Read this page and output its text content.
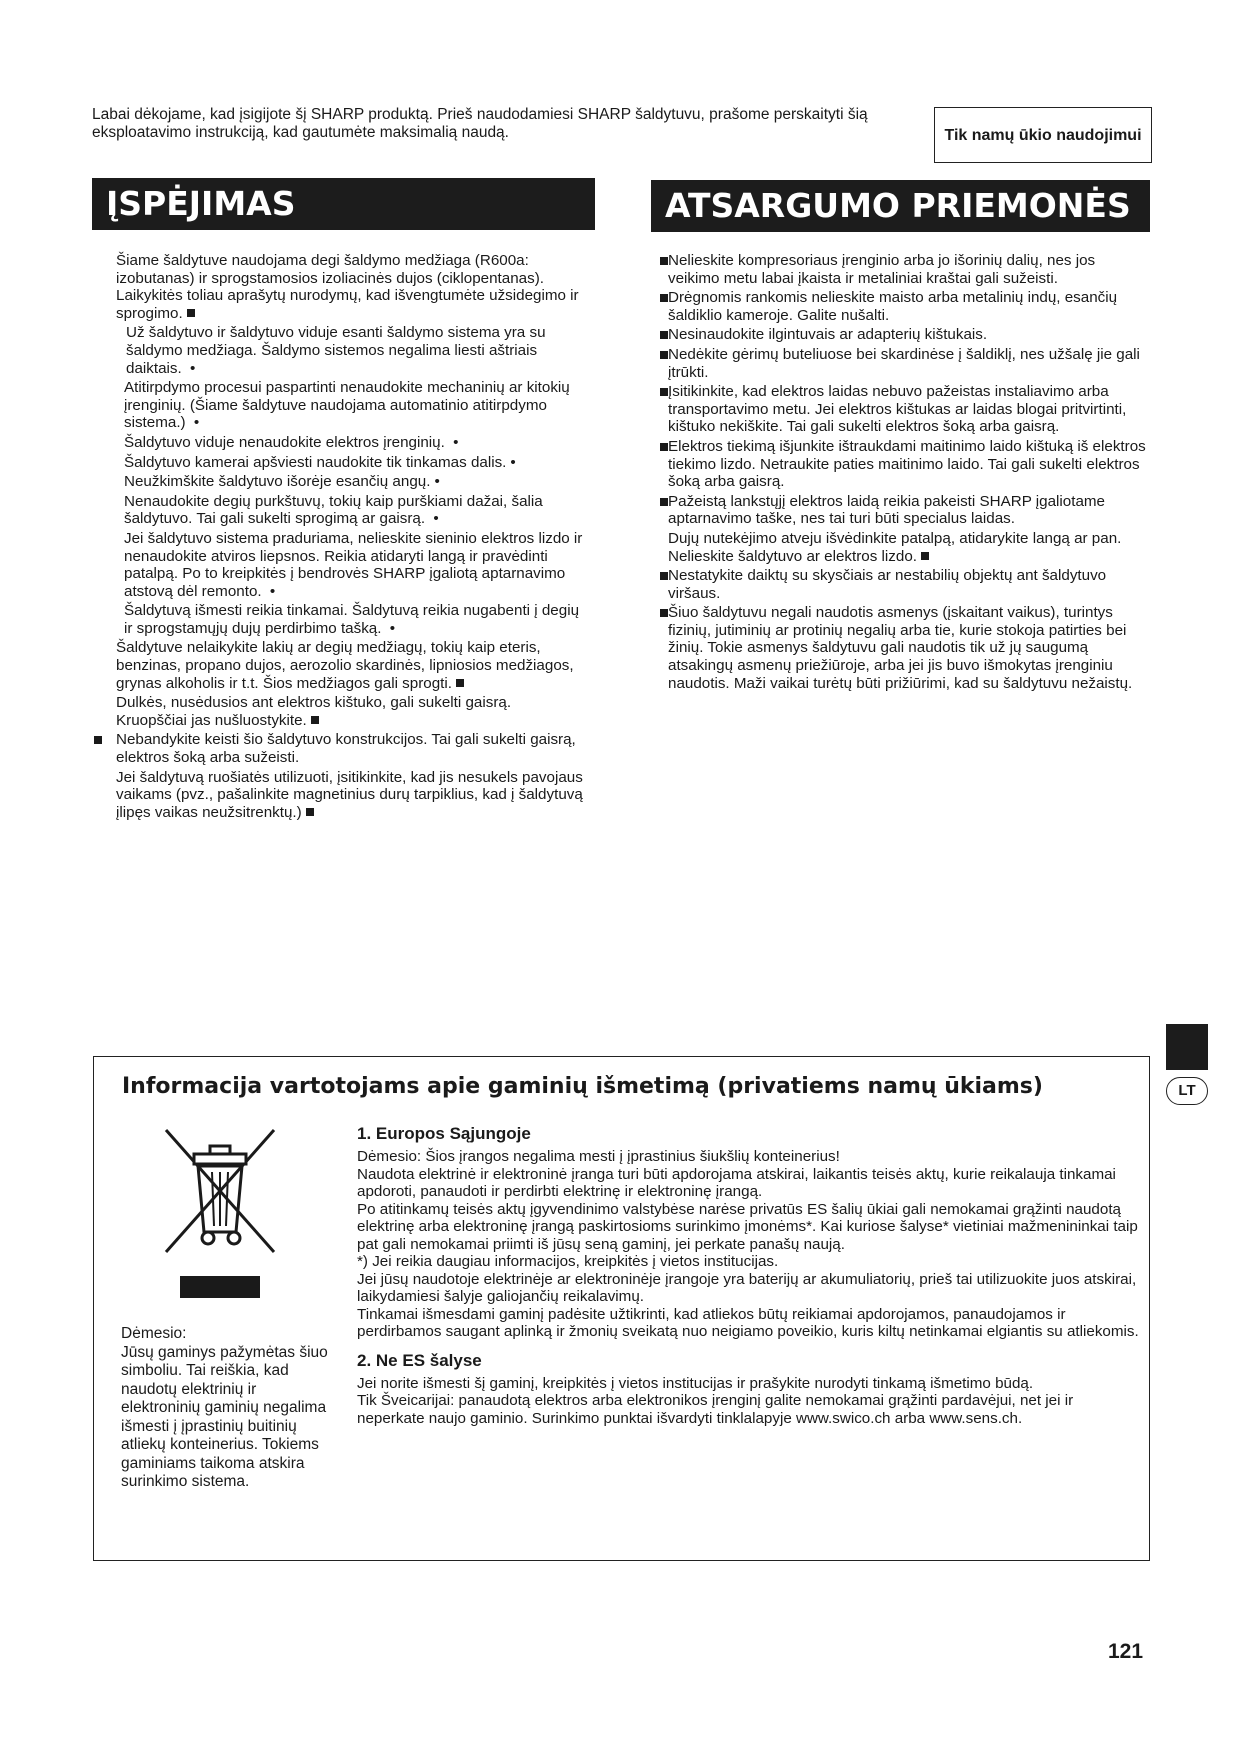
Labai dėkojame, kad įsigijote šį SHARP produktą. Prieš naudodamiesi SHARP šaldytuvu, prašome perskaityti šią eksploatavimo instrukciją, kad gautumėte maksimalią naudą.	Tik namų ūkio naudojimui
ĮSPĖJIMAS	ATSARGUMO PRIEMONĖS
Šiame šaldytuve naudojama degi šaldymo medžiaga (R600a: izobutanas) ir sprogstamosios izoliacinės dujos (ciklopentanas). Laikykitės toliau aprašytų nurodymų, kad išvengtumėte užsidegimo ir sprogimo.
Už šaldytuvo ir šaldytuvo viduje esanti šaldymo sistema yra su šaldymo medžiaga. Šaldymo sistemos negalima liesti aštriais daiktais. •
Atitirpdymo procesui paspartinti nenaudokite mechaninių ar kitokių įrenginių. (Šiame šaldytuve naudojama automatinio atitirpdymo sistema.) •
Šaldytuvo viduje nenaudokite elektros įrenginių. •
Šaldytuvo kamerai apšviesti naudokite tik tinkamas dalis. •
Neužkimškite šaldytuvo išorėje esančių angų. •
Nenaudokite degių purkštuvų, tokių kaip purškiami dažai, šalia šaldytuvo. Tai gali sukelti sprogimą ar gaisrą. •
Jei šaldytuvo sistema praduriama, nelieskite sieninio elektros lizdo ir nenaudokite atviros liepsnos. Reikia atidaryti langą ir pravėdinti patalpą. Po to kreipkitės į bendrovės SHARP įgaliotą aptarnavimo atstovą dėl remonto. •
Šaldytuvą išmesti reikia tinkamai. Šaldytuvą reikia nugabenti į degių ir sprogstamųjų dujų perdirbimo tašką. •
Šaldytuve nelaikykite lakių ar degių medžiagų, tokių kaip eteris, benzinas, propano dujos, aerozolio skardinės, lipniosios medžiagos, grynas alkoholis ir t.t. Šios medžiagos gali sprogti.
Dulkės, nusėdusios ant elektros kištuko, gali sukelti gaisrą. Kruopščiai jas nušluostykite.
Nebandykite keisti šio šaldytuvo konstrukcijos. Tai gali sukelti gaisrą, elektros šoką arba sužeisti.
Jei šaldytuvą ruošiatės utilizuoti, įsitikinkite, kad jis nesukels pavojaus vaikams (pvz., pašalinkite magnetinius durų tarpiklius, kad į šaldytuvą įlipęs vaikas neužsitrenktų.)
Nelieskite kompresoriaus įrenginio arba jo išorinių dalių, nes jos veikimo metu labai įkaista ir metaliniai kraštai gali sužeisti.
Drėgnomis rankomis nelieskite maisto arba metalinių indų, esančių šaldiklio kameroje. Galite nušalti.
Nesinaudokite ilgintuvais ar adapterių kištukais.
Nedėkite gėrimų buteliuose bei skardinėse į šaldiklį, nes užšalę jie gali įtrūkti.
Įsitikinkite, kad elektros laidas nebuvo pažeistas instaliavimo arba transportavimo metu. Jei elektros kištukas ar laidas blogai pritvirtinti, kištuko nekiškite. Tai gali sukelti elektros šoką arba gaisrą.
Elektros tiekimą išjunkite ištraukdami maitinimo laido kištuką iš elektros tiekimo lizdo. Netraukite paties maitinimo laido. Tai gali sukelti elektros šoką arba gaisrą.
Pažeistą lankstųjį elektros laidą reikia pakeisti SHARP įgaliotame aptarnavimo taške, nes tai turi būti specialus laidas.
Dujų nutekėjimo atveju išvėdinkite patalpą, atidarykite langą ar pan. Nelieskite šaldytuvo ar elektros lizdo.
Nestatykite daiktų su skysčiais ar nestabilių objektų ant šaldytuvo viršaus.
Šiuo šaldytuvu negali naudotis asmenys (įskaitant vaikus), turintys fizinių, jutiminių ar protinių negalių arba tie, kurie stokoja patirties bei žinių. Tokie asmenys šaldytuvu gali naudotis tik už jų saugumą atsakingų asmenų priežiūroje, arba jei jis buvo išmokytas įrenginiu naudotis. Maži vaikai turėtų būti prižiūrimi, kad su šaldytuvu nežaistų.
LT
Informacija vartotojams apie gaminių išmetimą (privatiems namų ūkiams)
Dėmesio:
Jūsų gaminys pažymėtas šiuo simboliu. Tai reiškia, kad naudotų elektrinių ir elektroninių gaminių negalima išmesti į įprastinių buitinių atliekų konteinerius. Tokiems gaminiams taikoma atskira surinkimo sistema.
1. Europos Sąjungoje

Dėmesio: Šios įrangos negalima mesti į įprastinius šiukšlių konteinerius!

Naudota elektrinė ir elektroninė įranga turi būti apdorojama atskirai, laikantis teisės aktų, kurie reikalauja tinkamai apdoroti, panaudoti ir perdirbti elektrinę ir elektroninę įrangą.

Po atitinkamų teisės aktų įgyvendinimo valstybėse narėse privatūs ES šalių ūkiai gali nemokamai grąžinti naudotą elektrinę arba elektroninę įrangą paskirtosioms surinkimo įmonėms*. Kai kuriose šalyse* vietiniai mažmenininkai taip pat gali nemokamai priimti iš jūsų seną gaminį, jei perkate panašų naują.

*) Jei reikia daugiau informacijos, kreipkitės į vietos institucijas.

Jei jūsų naudotoje elektrinėje ar elektroninėje įrangoje yra baterijų ar akumuliatorių, prieš tai utilizuokite juos atskirai, laikydamiesi šalyje galiojančių reikalavimų.

Tinkamai išmesdami gaminį padėsite užtikrinti, kad atliekos būtų reikiamai apdorojamos, panaudojamos ir perdirbamos saugant aplinką ir žmonių sveikatą nuo neigiamo poveikio, kuris kiltų netinkamai elgiantis su atliekomis.

2. Ne ES šalyse

Jei norite išmesti šį gaminį, kreipkitės į vietos institucijas ir prašykite nurodyti tinkamą išmetimo būdą.

Tik Šveicarijai: panaudotą elektros arba elektronikos įrenginį galite nemokamai grąžinti pardavėjui, net jei ir neperkate naujo gaminio. Surinkimo punktai išvardyti tinklalapyje www.swico.ch arba www.sens.ch.

121
